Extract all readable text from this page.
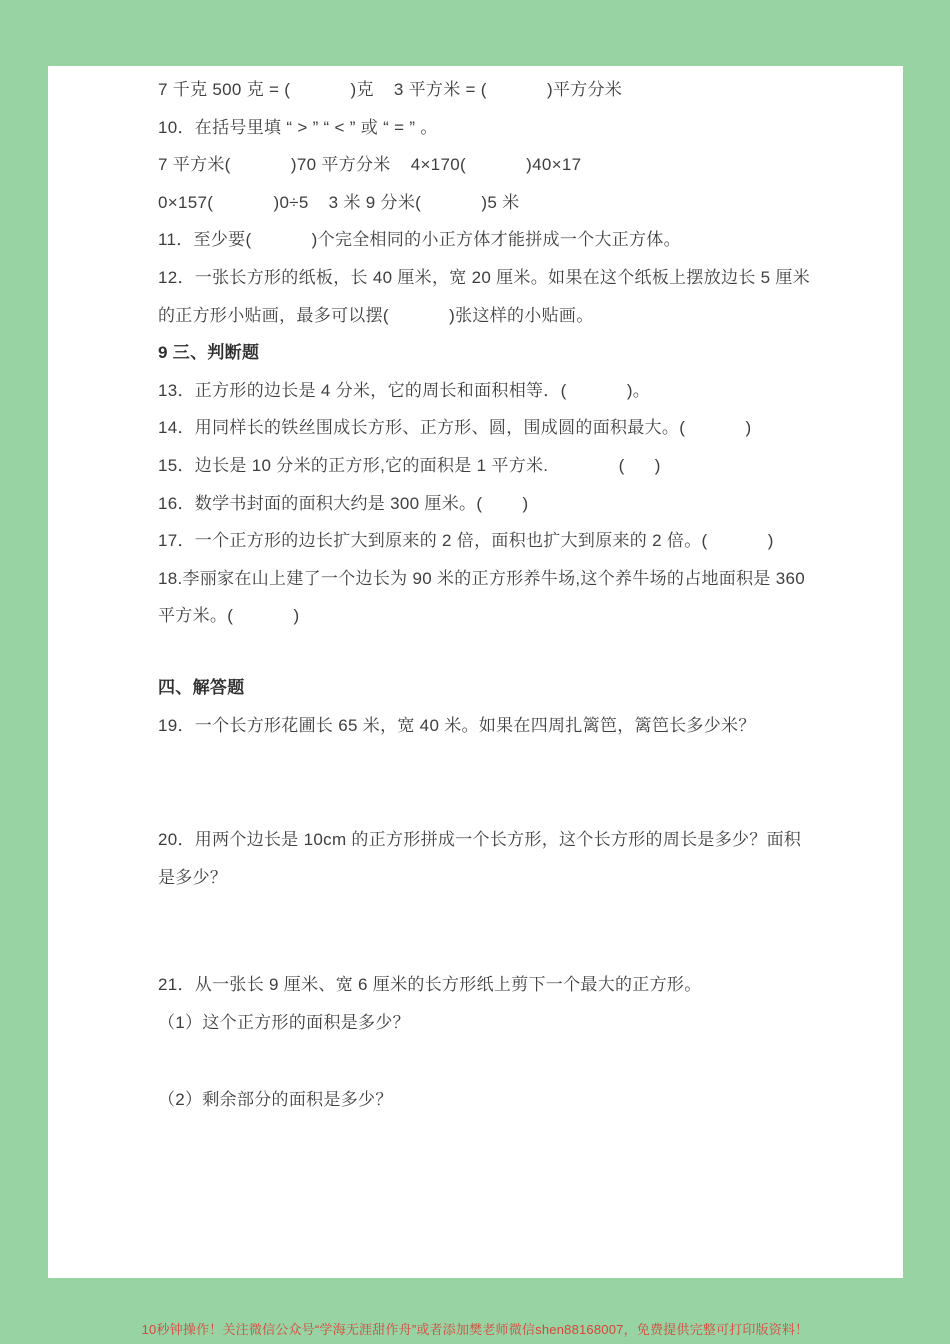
7 千克 500 克 = (            )克    3 平方米 = (            )平方分米
10．在括号里填 “ > ” “ < ” 或 “ = ” 。
7 平方米(            )70 平方分米    4×170(            )40×17
0×157(            )0÷5    3 米 9 分米(            )5 米
11．至少要(            )个完全相同的小正方体才能拼成一个大正方体。
12．一张长方形的纸板，长 40 厘米，宽 20 厘米。如果在这个纸板上摆放边长 5 厘米
的正方形小贴画，最多可以摆(            )张这样的小贴画。
9 三、判断题
13．正方形的边长是 4 分米，它的周长和面积相等．(            )。
14．用同样长的铁丝围成长方形、正方形、圆，围成圆的面积最大。(            )
15．边长是 10 分米的正方形,它的面积是 1 平方米.              (      )
16．数学书封面的面积大约是 300 厘米。(        )
17．一个正方形的边长扩大到原来的 2 倍，面积也扩大到原来的 2 倍。(            )
18.李丽家在山上建了一个边长为 90 米的正方形养牛场,这个养牛场的占地面积是 360
平方米。(            )
四、解答题
19．一个长方形花圃长 65 米，宽 40 米。如果在四周扎篱笆，篱笆长多少米？
20．用两个边长是 10cm 的正方形拼成一个长方形，这个长方形的周长是多少？面积
是多少？
21．从一张长 9 厘米、宽 6 厘米的长方形纸上剪下一个最大的正方形。
（1）这个正方形的面积是多少？
（2）剩余部分的面积是多少？
10秒钟操作！关注微信公众号“学海无涯甜作舟”或者添加樊老师微信shen88168007，免费提供完整可打印版资料！
